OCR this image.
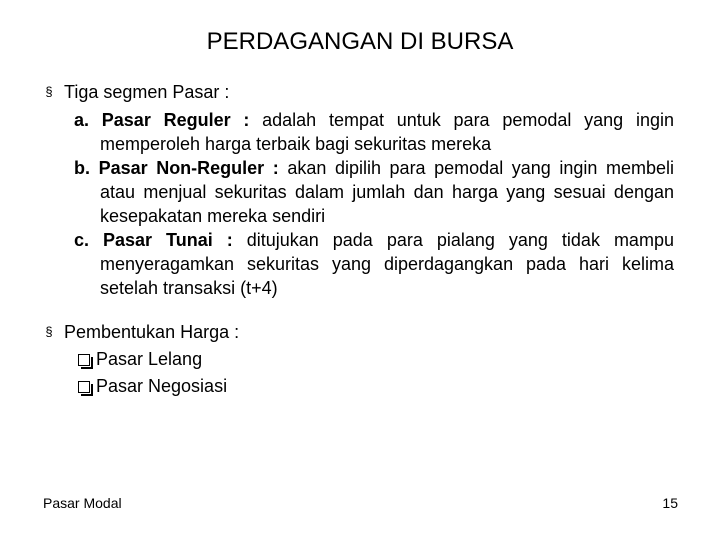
PERDAGANGAN DI BURSA
§ Tiga segmen Pasar :

a. Pasar Reguler : adalah tempat untuk para pemodal yang ingin memperoleh harga terbaik bagi sekuritas mereka

b. Pasar Non-Reguler : akan dipilih para pemodal yang ingin membeli atau menjual sekuritas dalam jumlah dan harga yang sesuai dengan kesepakatan mereka sendiri

c. Pasar Tunai : ditujukan pada para pialang yang tidak mampu menyeragamkan sekuritas yang diperdagangkan pada hari kelima setelah transaksi (t+4)

§ Pembentukan Harga :
Pasar Lelang
Pasar Negosiasi
Pasar Modal	15
